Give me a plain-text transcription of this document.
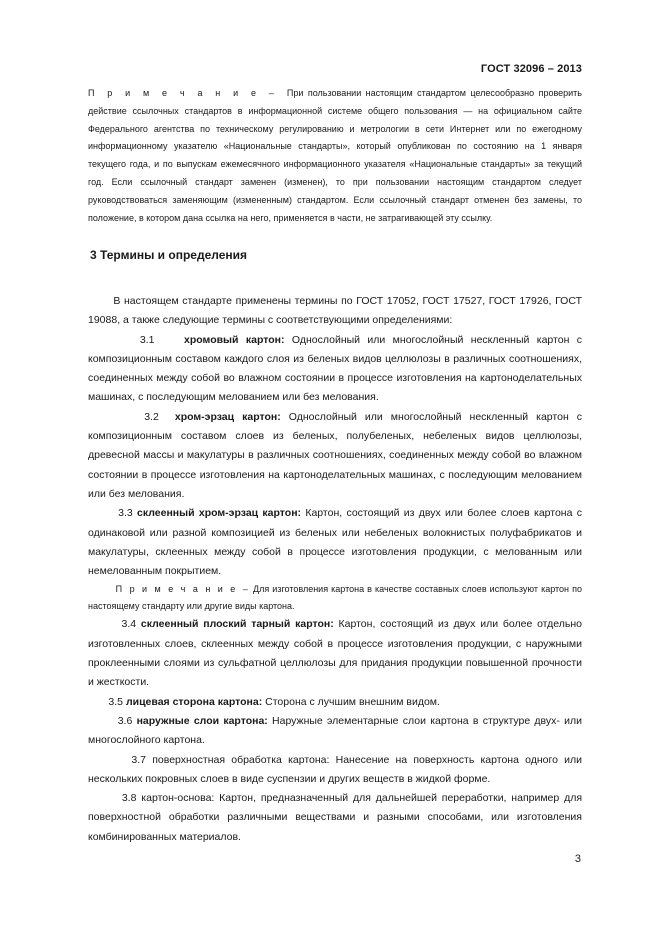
ГОСТ 32096 – 2013
П р и м е ч а н и е – При пользовании настоящим стандартом целесообразно проверить действие ссылочных стандартов в информационной системе общего пользования — на официальном сайте Федерального агентства по техническому регулированию и метрологии в сети Интернет или по ежегодному информационному указателю «Национальные стандарты», который опубликован по состоянию на 1 января текущего года, и по выпускам ежемесячного информационного указателя «Национальные стандарты» за текущий год. Если ссылочный стандарт заменен (изменен), то при пользовании настоящим стандартом следует руководствоваться заменяющим (измененным) стандартом. Если ссылочный стандарт отменен без замены, то положение, в котором дана ссылка на него, применяется в части, не затрагивающей эту ссылку.
3 Термины и определения

В настоящем стандарте применены термины по ГОСТ 17052, ГОСТ 17527, ГОСТ 17926, ГОСТ 19088, а также следующие термины с соответствующими определениями:

3.1	хромовый картон: Однослойный или многослойный нескленный картон с композиционным составом каждого слоя из беленых видов целлюлозы в различных соотношениях, соединенных между собой во влажном состоянии в процессе изготовления на картоноделательных машинах, с последующим мелованием или без мелования.

3.2 хром-эрзац картон: Однослойный или многослойный нескленный картон с композиционным составом слоев из беленых, полубеленых, небеленых видов целлюлозы, древесной массы и макулатуры в различных соотношениях, соединенных между собой во влажном состоянии в процессе изготовления на картоноделательных машинах, с последующим мелованием или без мелования.

3.3 склеенный хром-эрзац картон: Картон, состоящий из двух или более слоев картона с одинаковой или разной композицией из беленых или небеленых волокнистых полуфабрикатов и макулатуры, склеенных между собой в процессе изготовления продукции, с мелованным или немелованным покрытием.

П р и м е ч а н и е – Для изготовления картона в качестве составных слоев используют картон по настоящему стандарту или другие виды картона.

3.4 склеенный плоский тарный картон: Картон, состоящий из двух или более отдельно изготовленных слоев, склеенных между собой в процессе изготовления продукции, с наружными проклеенными слоями из сульфатной целлюлозы для придания продукции повышенной прочности и жесткости.

3.5 лицевая сторона картона: Сторона с лучшим внешним видом.

3.6 наружные слои картона: Наружные элементарные слои картона в структуре двух- или многослойного картона.

3.7 поверхностная обработка картона: Нанесение на поверхность картона одного или нескольких покровных слоев в виде суспензии и других веществ в жидкой форме.

3.8 картон-основа: Картон, предназначенный для дальнейшей переработки, например для поверхностной обработки различными веществами и разными способами, или изготовления комбинированных материалов.

3
